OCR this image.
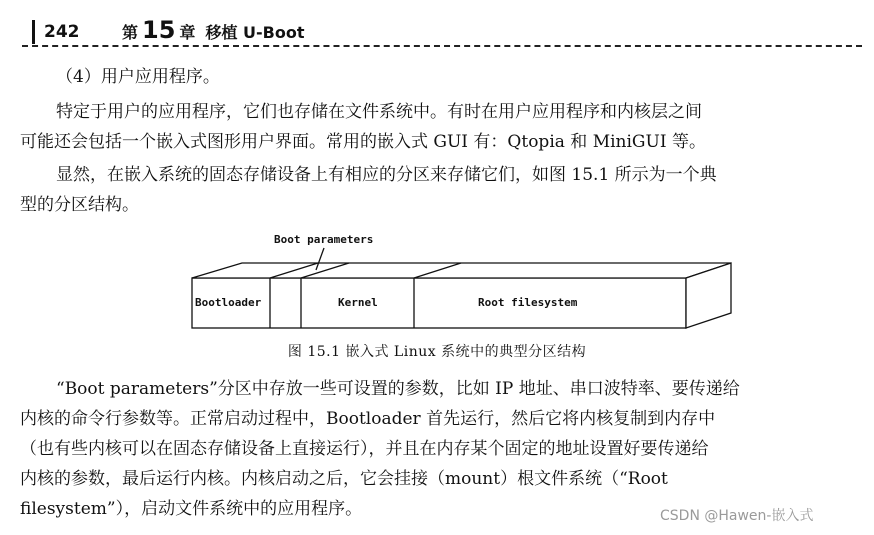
242	第 15 章 移植 U-Boot

（4）用户应用程序。

特定于用户的应用程序，它们也存储在文件系统中。有时在用户应用程序和内核层之间

可能还会包括一个嵌入式图形用户界面。常用的嵌入式 GUI 有：Qtopia 和 MiniGUI 等。

显然，在嵌入系统的固态存储设备上有相应的分区来存储它们，如图 15.1 所示为一个典

型的分区结构。

Boot parameters
Bootloader	Kernel	Root filesystem
图 15.1 嵌入式 Linux 系统中的典型分区结构

“Boot parameters”分区中存放一些可设置的参数，比如 IP 地址、串口波特率、要传递给

内核的命令行参数等。正常启动过程中，Bootloader 首先运行，然后它将内核复制到内存中

（也有些内核可以在固态存储设备上直接运行），并且在内存某个固定的地址设置好要传递给

内核的参数，最后运行内核。内核启动之后，它会挂接（mount）根文件系统（“Root

filesystem”），启动文件系统中的应用程序。	CSDN @Hawen-嵌入式
